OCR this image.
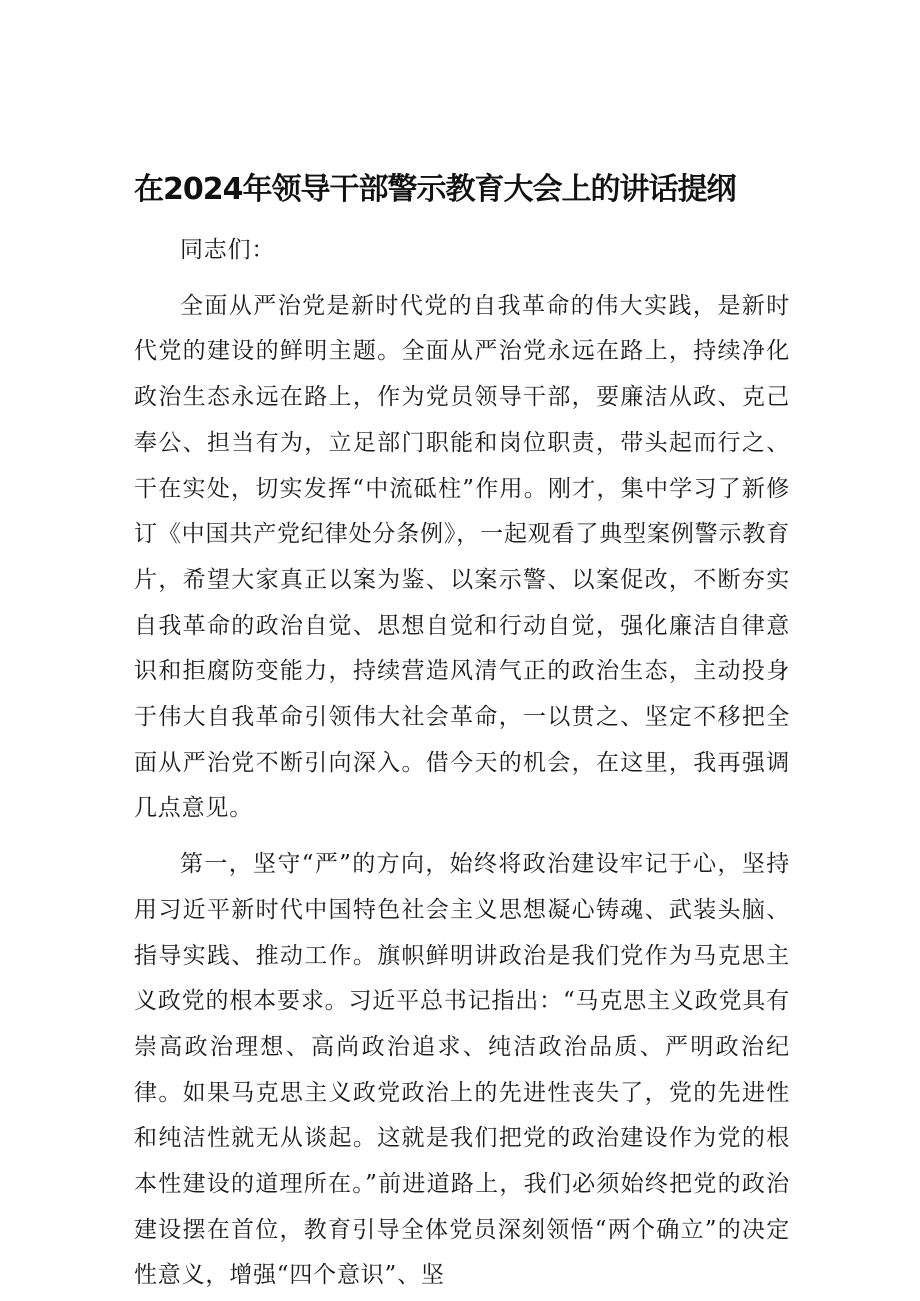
在2024年领导干部警示教育大会上的讲话提纲

同志们：

全面从严治党是新时代党的自我革命的伟大实践，是新时代党的建设的鲜明主题。全面从严治党永远在路上，持续净化政治生态永远在路上，作为党员领导干部，要廉洁从政、克己奉公、担当有为，立足部门职能和岗位职责，带头起而行之、干在实处，切实发挥“中流砥柱”作用。刚才，集中学习了新修订《中国共产党纪律处分条例》，一起观看了典型案例警示教育片，希望大家真正以案为鉴、以案示警、以案促改，不断夯实自我革命的政治自觉、思想自觉和行动自觉，强化廉洁自律意识和拒腐防变能力，持续营造风清气正的政治生态，主动投身于伟大自我革命引领伟大社会革命，一以贯之、坚定不移把全面从严治党不断引向深入。借今天的机会，在这里，我再强调几点意见。

第一，坚守“严”的方向，始终将政治建设牢记于心，坚持用习近平新时代中国特色社会主义思想凝心铸魂、武装头脑、指导实践、推动工作。旗帜鲜明讲政治是我们党作为马克思主义政党的根本要求。习近平总书记指出：“马克思主义政党具有崇高政治理想、高尚政治追求、纯洁政治品质、严明政治纪律。如果马克思主义政党政治上的先进性丧失了，党的先进性和纯洁性就无从谈起。这就是我们把党的政治建设作为党的根本性建设的道理所在。”前进道路上，我们必须始终把党的政治建设摆在首位，教育引导全体党员深刻领悟“两个确立”的决定性意义，增强“四个意识”、坚
